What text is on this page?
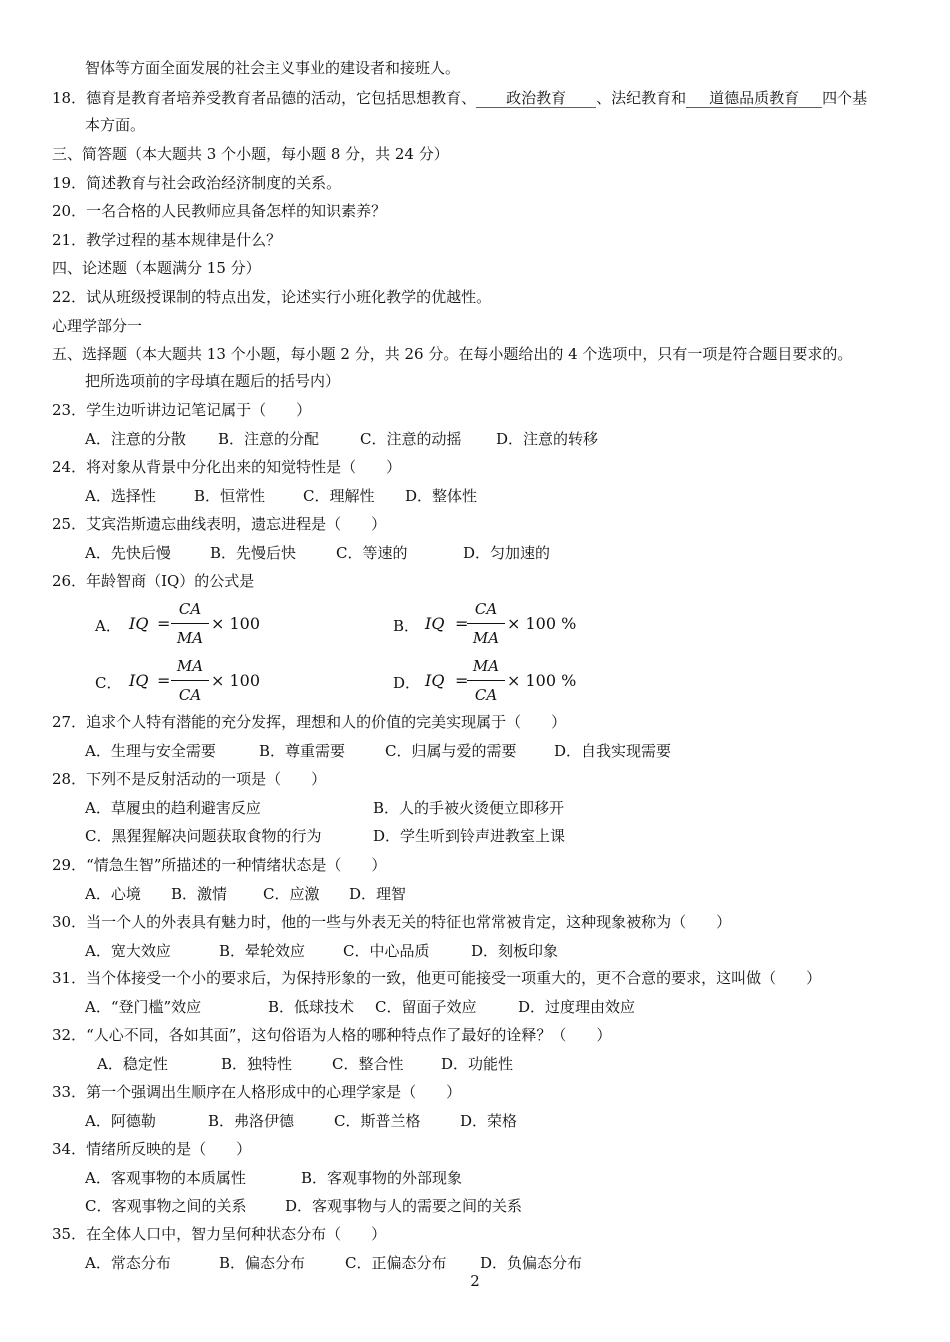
智体等方面全面发展的社会主义事业的建设者和接班人。
18．德育是教育者培养受教育者品德的活动，它包括思想教育、 政治教育 、法纪教育和 道德品质教育 四个基
本方面。
三、简答题（本大题共 3 个小题，每小题 8 分，共 24 分）
19．简述教育与社会政治经济制度的关系。
20．一名合格的人民教师应具备怎样的知识素养？
21．教学过程的基本规律是什么？
四、论述题（本题满分 15 分）
22．试从班级授课制的特点出发，论述实行小班化教学的优越性。
心理学部分一
五、选择题（本大题共 13 个小题，每小题 2 分，共 26 分。在每小题给出的 4 个选项中，只有一项是符合题目要求的。
把所选项前的字母填在题后的括号内）
23．学生边听讲边记笔记属于（　　）
A．注意的分散 B．注意的分配	C．注意的动摇 D．注意的转移
24．将对象从背景中分化出来的知觉特性是（　　）
A．选择性	B．恒常性	C．理解性 D．整体性
25．艾宾浩斯遗忘曲线表明，遗忘进程是（　　）
A．先快后慢	B．先慢后快	C．等速的	D．匀加速的
26．年龄智商（IQ）的公式是
A． IQ =
CA
MA
× 100	B． IQ =
CA
MA
× 100 %
C． IQ =
MA
CA
× 100	D． IQ =
MA
CA
× 100 %
27．追求个人特有潜能的充分发挥，理想和人的价值的完美实现属于（　　）
A．生理与安全需要	B．尊重需要	C．归属与爱的需要	D．自我实现需要
28．下列不是反射活动的一项是（　　）
A．草履虫的趋利避害反应	B．人的手被火烫便立即移开
C．黑猩猩解决问题获取食物的行为	D．学生听到铃声进教室上课
29．“情急生智”所描述的一种情绪状态是（　　）
A．心境 B．激情 C．应激 D．理智
30．当一个人的外表具有魅力时，他的一些与外表无关的特征也常常被肯定，这种现象被称为（　　）
A．宽大效应	B．晕轮效应	C．中心品质	D．刻板印象
31．当个体接受一个小的要求后，为保持形象的一致，他更可能接受一项重大的，更不合意的要求，这叫做（　　）
A．“登门槛”效应	B．低球技术 C．留面子效应	D．过度理由效应
32．“人心不同，各如其面”，这句俗语为人格的哪种特点作了最好的诠释？（　　）
A．稳定性	B．独特性	C．整合性	D．功能性
33．第一个强调出生顺序在人格形成中的心理学家是（　　）
A．阿德勒	B．弗洛伊德	C．斯普兰格	D．荣格
34．情绪所反映的是（　　）
A．客观事物的本质属性	B．客观事物的外部现象
C．客观事物之间的关系	D．客观事物与人的需要之间的关系
35．在全体人口中，智力呈何种状态分布（　　）
A．常态分布	B．偏态分布	C．正偏态分布 D．负偏态分布
2
